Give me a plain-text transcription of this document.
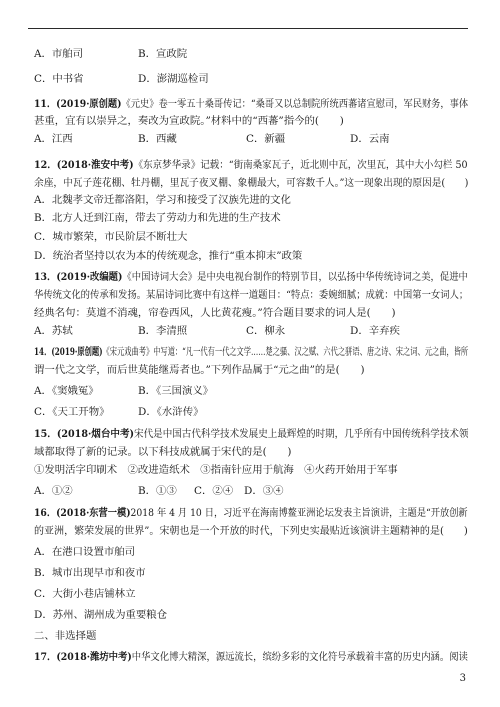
A．市舶司	B．宣政院
C．中书省	D．澎湖巡检司
11．(2019·原创题)《元史》卷一零五十桑哥传记：“桑哥又以总制院所统西蕃诸宣慰司，军民财务，事体
甚重，宜有以崇异之，奏改为宣政院。”材料中的“西蕃”指今的(　　)
A．江西	B．西藏	C．新疆	D．云南
12．(2018·淮安中考)《东京梦华录》记载：“街南桑家瓦子，近北则中瓦，次里瓦，其中大小勾栏 50
余座，中瓦子莲花棚、牡丹棚，里瓦子夜叉棚、象棚最大，可容数千人。”这一现象出现的原因是(　　)
A．北魏孝文帝迁都洛阳，学习和接受了汉族先进的文化
B．北方人迁到江南，带去了劳动力和先进的生产技术
C．城市繁荣，市民阶层不断壮大
D．统治者坚持以农为本的传统观念，推行“重本抑末”政策
13．(2019·改编题)《中国诗词大会》是中央电视台制作的特别节目，以弘扬中华传统诗词之美，促进中
华传统文化的传承和发扬。某届诗词比赛中有这样一道题目：“特点：委婉细腻；成就：中国第一女词人；
经典名句：莫道不消魂，帘卷西风，人比黄花瘦。”符合题目要求的词人是(　　)
A．苏轼	B．李清照	C．柳永	D．辛弃疾
14．(2019·原创题)《宋元戏曲考》中写道：“凡一代有一代之文学……楚之骚、汉之赋、六代之骈语、唐之诗、宋之词、元之曲，皆所
谓一代之文学，而后世莫能继焉者也。”下列作品属于“元之曲”的是(　　)
A．《窦娥冤》	B．《三国演义》
C．《天工开物》	D．《水浒传》
15．(2018·烟台中考)宋代是中国古代科学技术发展史上最辉煌的时期，几乎所有中国传统科学技术领
域都取得了新的记录。以下科技成就属于宋代的是(　　)
①发明活字印刷术　②改进造纸术　③指南针应用于航海　④火药开始用于军事
A．①②	B．①③ C．②④ D．③④
16．(2018·东营一模)2018 年 4 月 10 日，习近平在海南博鳌亚洲论坛发表主旨演讲，主题是“开放创新
的亚洲，繁荣发展的世界”。宋朝也是一个开放的时代，下列史实最贴近该演讲主题精神的是(　　)
A．在港口设置市舶司
B．城市出现早市和夜市
C．大街小巷店铺林立
D．苏州、湖州成为重要粮仓
二、非选择题
17．(2018·潍坊中考)中华文化博大精深，源远流长，缤纷多彩的文化符号承载着丰富的历史内涵。阅读
3
